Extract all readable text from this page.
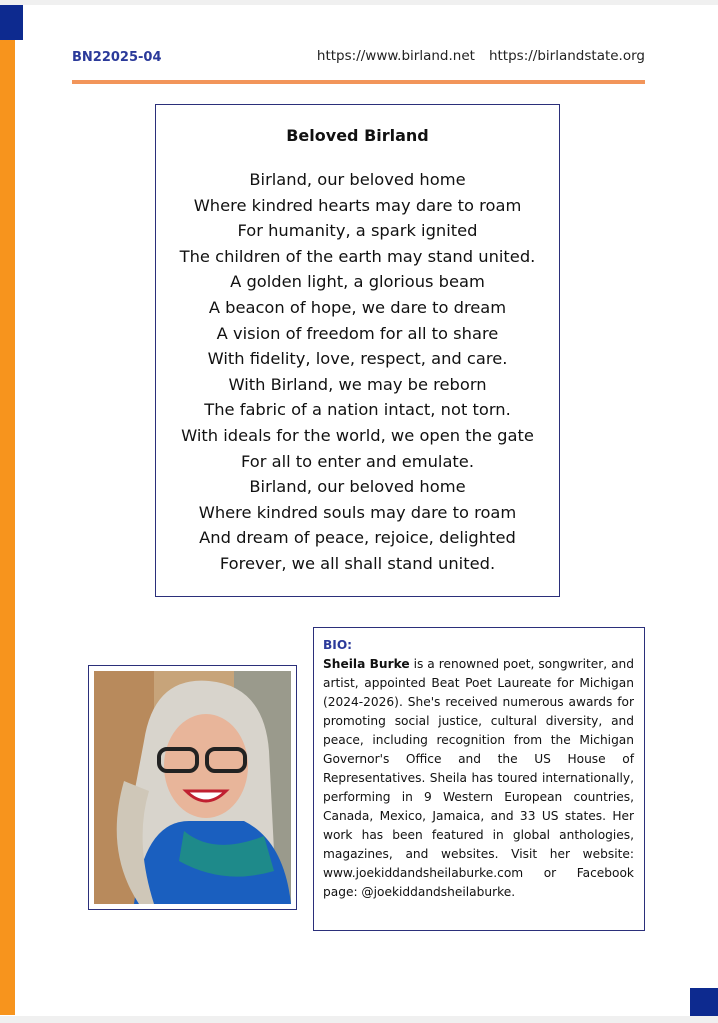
BN22025-04	https://www.birland.net https://birlandstate.org
Beloved Birland
Birland, our beloved home
Where kindred hearts may dare to roam
For humanity, a spark ignited
The children of the earth may stand united.
A golden light, a glorious beam
A beacon of hope, we dare to dream
A vision of freedom for all to share
With fidelity, love, respect, and care.
With Birland, we may be reborn
The fabric of a nation intact, not torn.
With ideals for the world, we open the gate
For all to enter and emulate.
Birland, our beloved home
Where kindred souls may dare to roam
And dream of peace, rejoice, delighted
Forever, we all shall stand united.
BIO:

Sheila Burke is a renowned poet, songwriter, and artist, appointed Beat Poet Laureate for Michigan (2024-2026). She's received numerous awards for promoting social justice, cultural diversity, and peace, including recognition from the Michigan Governor's Office and the US House of Representatives. Sheila has toured internationally, performing in 9 Western European countries, Canada, Mexico, Jamaica, and 33 US states. Her work has been featured in global anthologies, magazines, and websites. Visit her website: www.joekiddandsheilaburke.com or Facebook page: @joekiddandsheilaburke.
